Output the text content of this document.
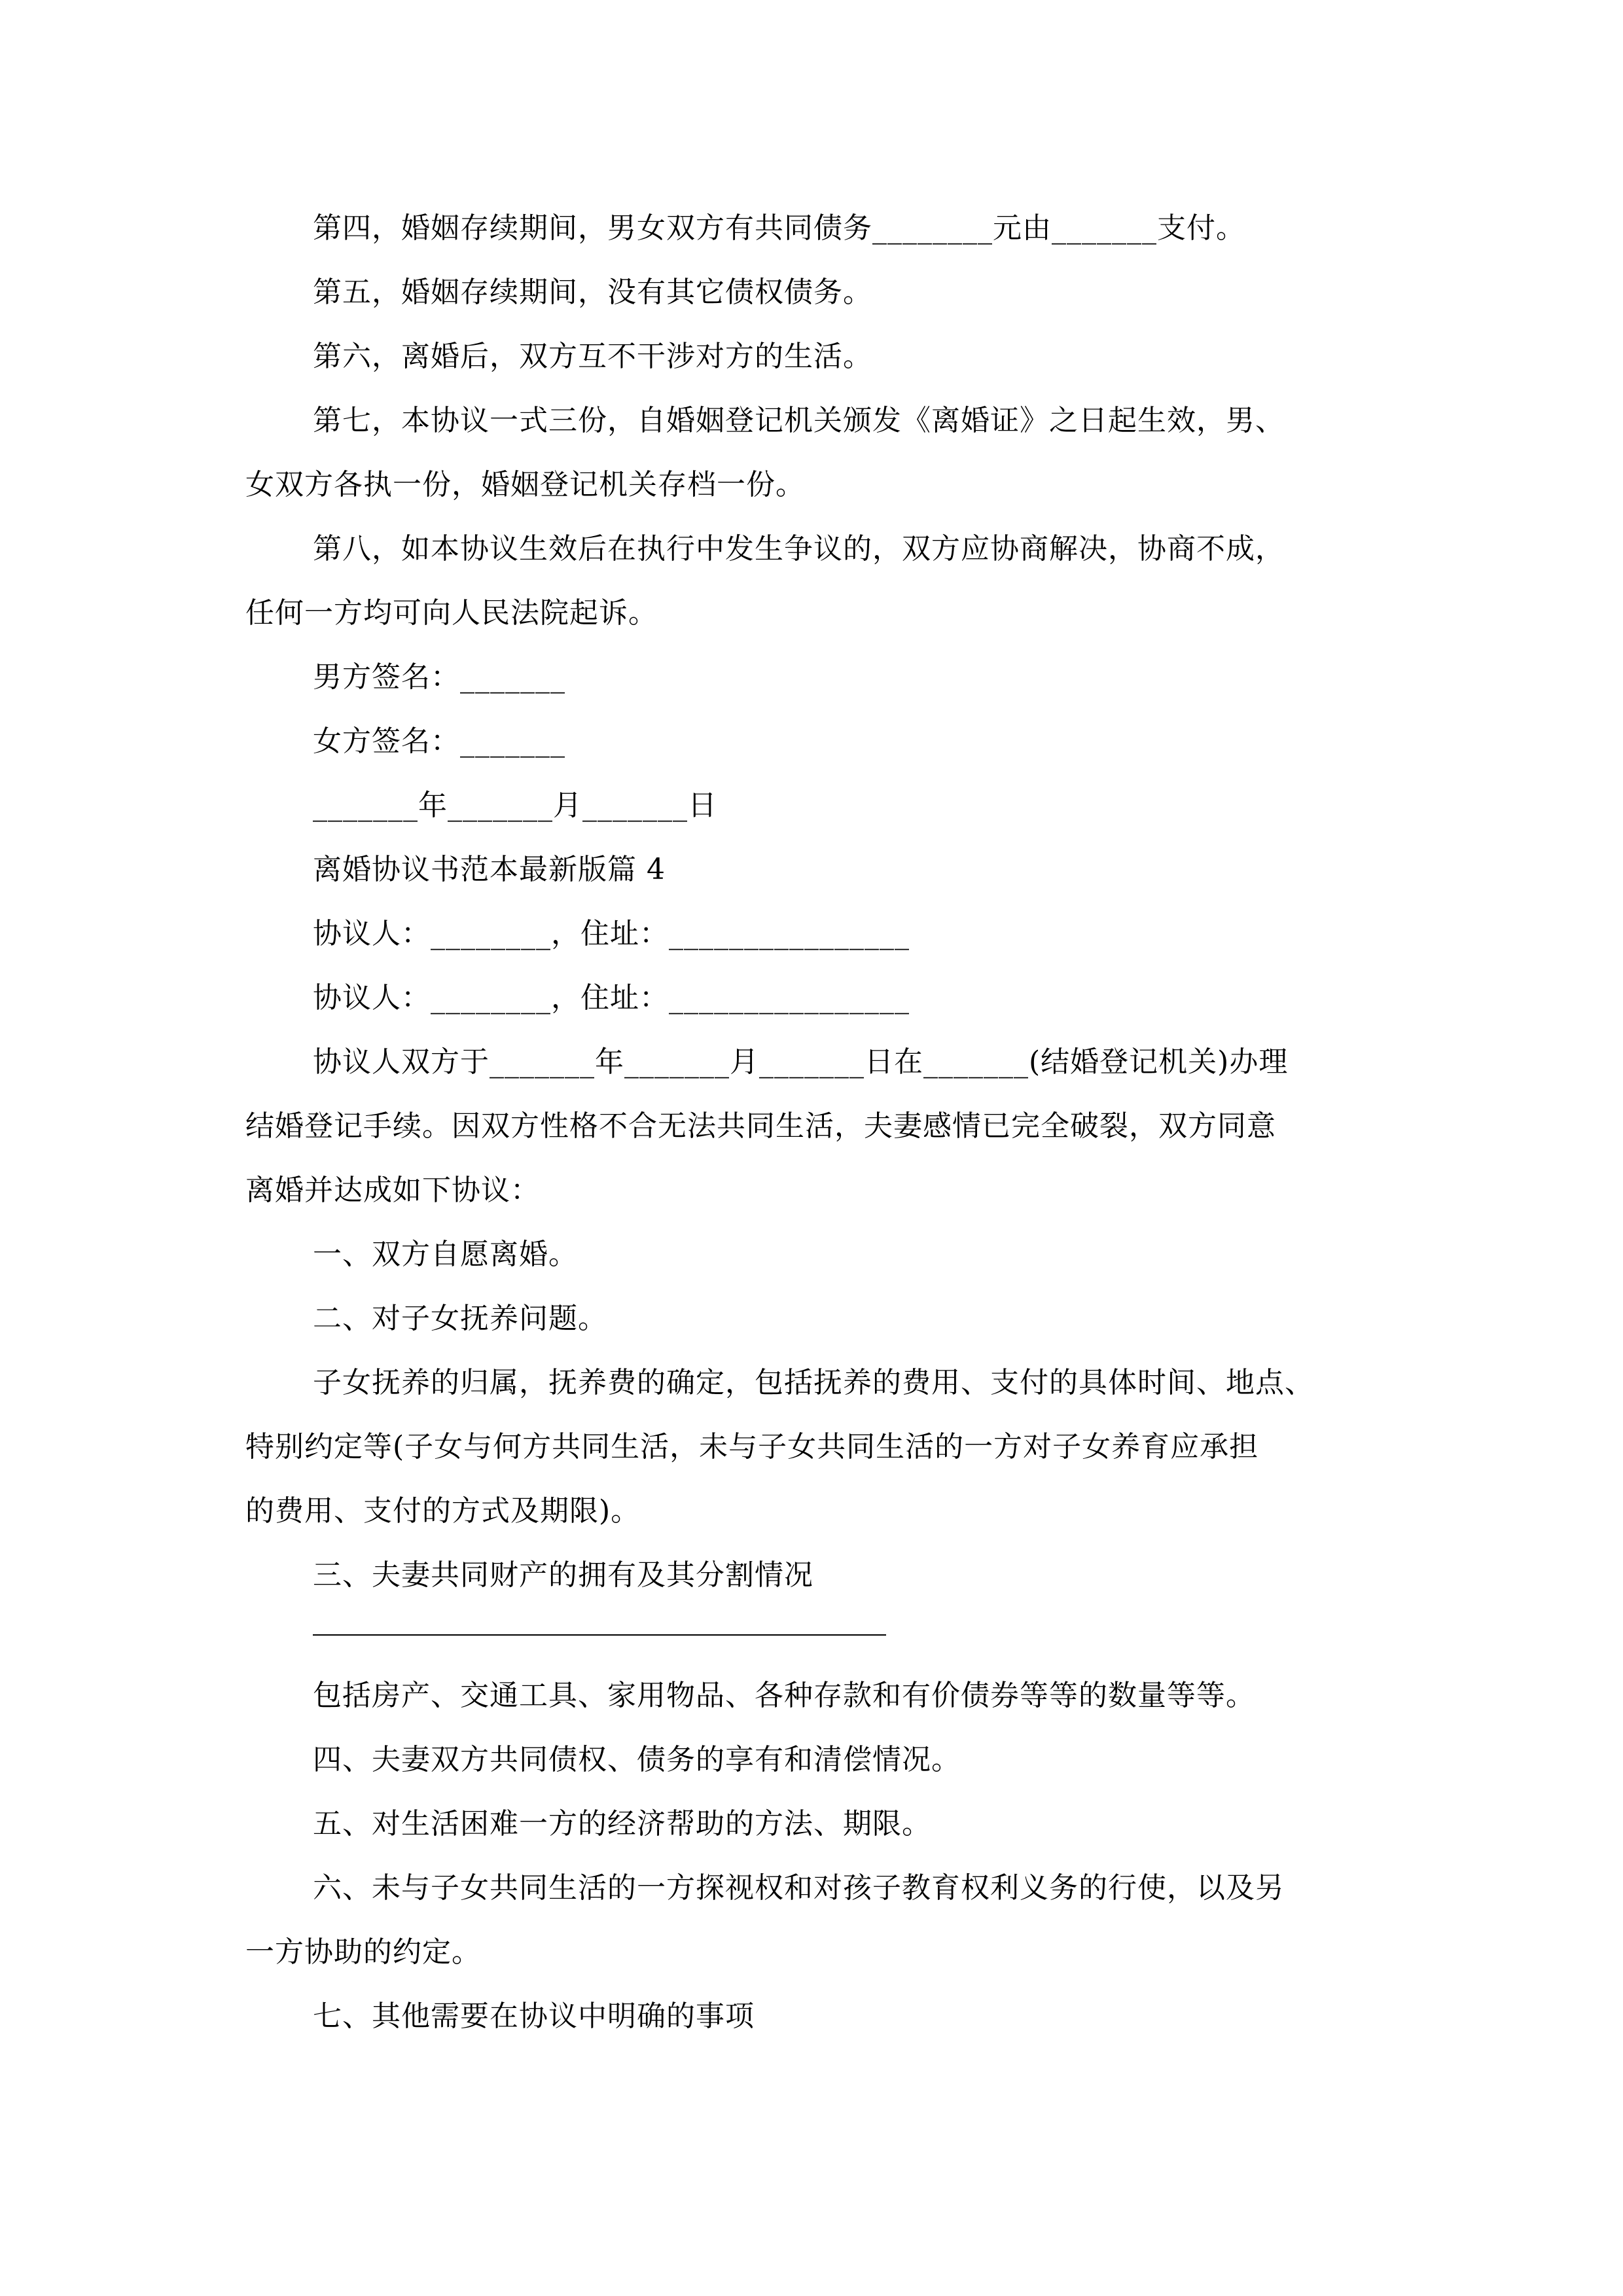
第四，婚姻存续期间，男女双方有共同债务________元由_______支付。
第五，婚姻存续期间，没有其它债权债务。
第六，离婚后，双方互不干涉对方的生活。
第七，本协议一式三份，自婚姻登记机关颁发《离婚证》之日起生效，男、
女双方各执一份，婚姻登记机关存档一份。
第八，如本协议生效后在执行中发生争议的，双方应协商解决，协商不成，
任何一方均可向人民法院起诉。
男方签名：_______
女方签名：_______
_______年_______月_______日
离婚协议书范本最新版篇 4
协议人：________，住址：________________
协议人：________，住址：________________
协议人双方于_______年_______月_______日在_______(结婚登记机关)办理
结婚登记手续。因双方性格不合无法共同生活，夫妻感情已完全破裂，双方同意
离婚并达成如下协议：
一、双方自愿离婚。
二、对子女抚养问题。
子女抚养的归属，抚养费的确定，包括抚养的费用、支付的具体时间、地点、
特别约定等(子女与何方共同生活，未与子女共同生活的一方对子女养育应承担
的费用、支付的方式及期限)。
三、夫妻共同财产的拥有及其分割情况
包括房产、交通工具、家用物品、各种存款和有价债券等等的数量等等。
四、夫妻双方共同债权、债务的享有和清偿情况。
五、对生活困难一方的经济帮助的方法、期限。
六、未与子女共同生活的一方探视权和对孩子教育权利义务的行使，以及另
一方协助的约定。
七、其他需要在协议中明确的事项
